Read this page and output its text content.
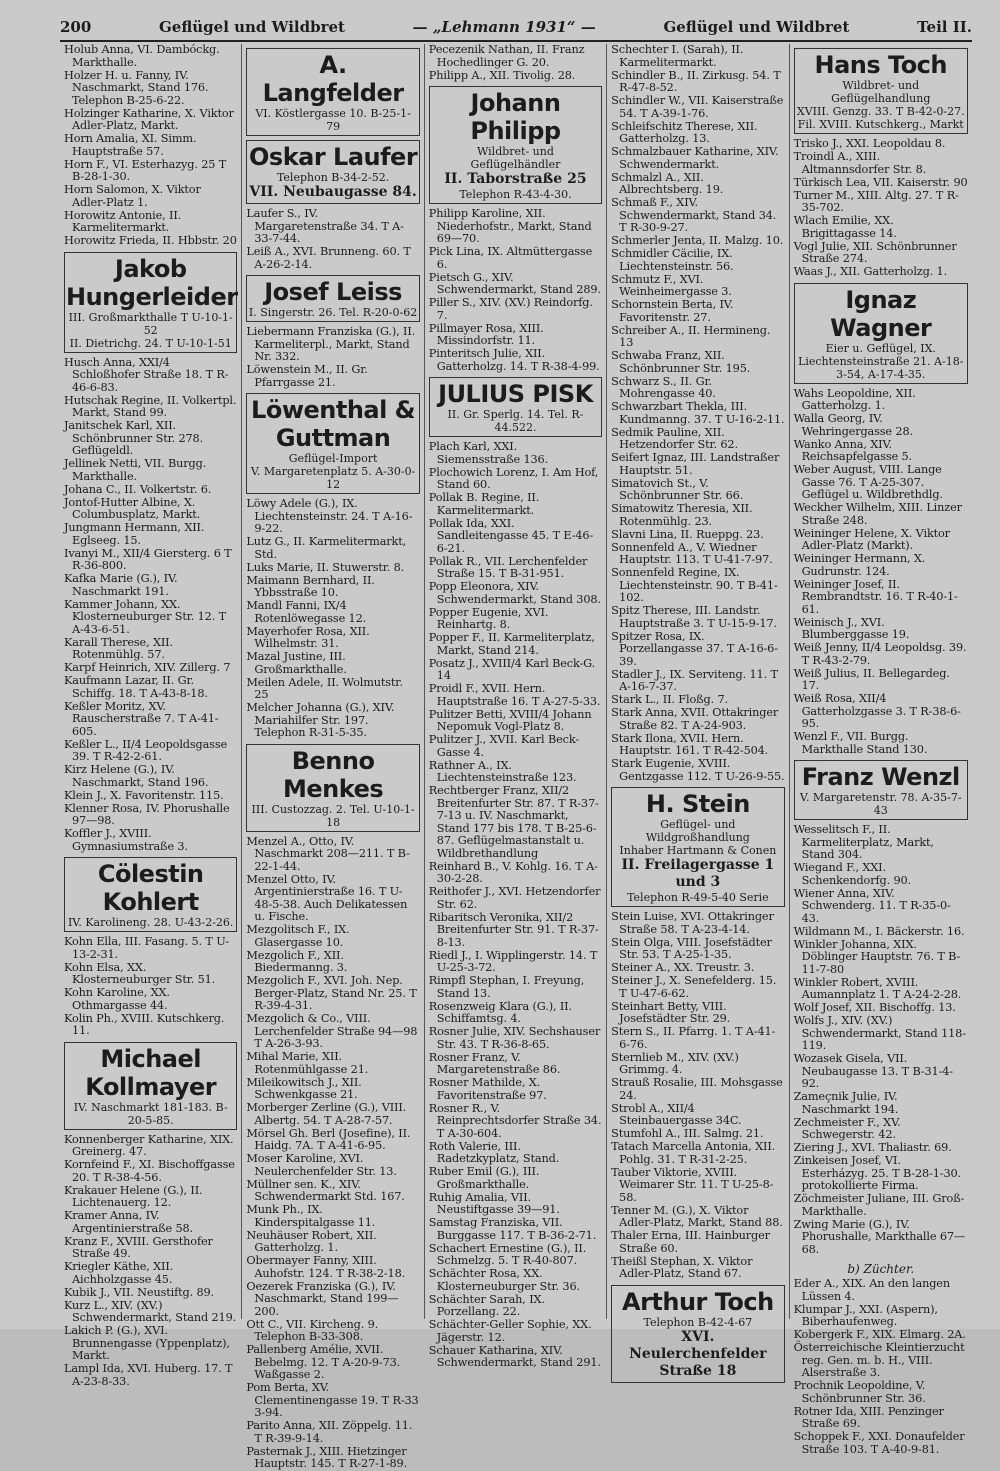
200	Geflügel und Wildbret	— „Lehmann 1931“ —	Geflügel und Wildbret	Teil II.
Holub Anna, VI. Dambóckg. Markthalle.
Holzer H. u. Fanny, IV. Naschmarkt, Stand 176. Telephon B-25-6-22.
Holzinger Katharine, X. Viktor Adler-Platz, Markt.
Horn Amalia, XI. Simm. Hauptstraße 57.
Horn F., VI. Esterhazyg. 25 T B-28-1-30.
Horn Salomon, X. Viktor Adler-Platz 1.
Horowitz Antonie, II. Karmelitermarkt.
Horowitz Frieda, II. Hbbstr. 20
Jakob Hungerleider
III. Großmarkthalle T U-10-1-52
II. Dietrichg. 24. T U-10-1-51
Husch Anna, XXI/4 Schloßhofer Straße 18. T R-46-6-83.
Hutschak Regine, II. Volkertpl. Markt, Stand 99.
Janitschek Karl, XII. Schönbrunner Str. 278. Geflügeldl.
Jellinek Netti, VII. Burgg. Markthalle.
Johana C., II. Volkertstr. 6.
Jontof-Hutter Albine, X. Columbusplatz, Markt.
Jungmann Hermann, XII. Eglseeg. 15.
Ivanyi M., XII/4 Giersterg. 6 T R-36-800.
Kafka Marie (G.), IV. Naschmarkt 191.
Kammer Johann, XX. Klosterneuburger Str. 12. T A-43-6-51.
Karall Therese, XII. Rotenmühlg. 57.
Karpf Heinrich, XIV. Zillerg. 7
Kaufmann Lazar, II. Gr. Schiffg. 18. T A-43-8-18.
Keßler Moritz, XV. Rauscherstraße 7. T A-41-605.
Keßler L., II/4 Leopoldsgasse 39. T R-42-2-61.
Kirz Helene (G.), IV. Naschmarkt, Stand 196.
Klein J., X. Favoritenstr. 115.
Klenner Rosa, IV. Phorushalle 97—98.
Koffler J., XVIII. Gymnasiumstraße 3.
Cölestin Kohlert
IV. Karolineng. 28. U-43-2-26.
Kohn Ella, III. Fasang. 5. T U-13-2-31.
Kohn Elsa, XX. Klosterneuburger Str. 51.
Kohn Karoline, XX. Othmargasse 44.
Kolin Ph., XVIII. Kutschkerg. 11.
Michael Kollmayer
IV. Naschmarkt 181-183. B-20-5-85.
Konnenberger Katharine, XIX. Greinerg. 47.
Kornfeind F., XI. Bischoffgasse 20. T R-38-4-56.
Krakauer Helene (G.), II. Lichtenauerg. 12.
Kramer Anna, IV. Argentinierstraße 58.
Kranz F., XVIII. Gersthofer Straße 49.
Kriegler Käthe, XII. Aichholzgasse 45.
Kubik J., VII. Neustiftg. 89.
Kurz L., XIV. (XV.) Schwendermarkt, Stand 219.
Lakich P. (G.), XVI. Brunnengasse (Yppenplatz), Markt.
Lampl Ida, XVI. Huberg. 17. T A-23-8-33.
A. Langfelder
VI. Köstlergasse 10. B-25-1-79
Oskar Laufer
Telephon B-34-2-52.
VII. Neubaugasse 84.
Laufer S., IV. Margaretenstraße 34. T A-33-7-44.
Leiß A., XVI. Brunneng. 60. T A-26-2-14.
Josef Leiss
I. Singerstr. 26. Tel. R-20-0-62
Liebermann Franziska (G.), II. Karmeliterpl., Markt, Stand Nr. 332.
Löwenstein M., II. Gr. Pfarrgasse 21.
Löwenthal & Guttman
Geflügel-Import
V. Margaretenplatz 5. A-30-0-12
Löwy Adele (G.), IX. Liechtensteinstr. 24. T A-16-9-22.
Lutz G., II. Karmelitermarkt, Std.
Luks Marie, II. Stuwerstr. 8.
Maimann Bernhard, II. Ybbsstraße 10.
Mandl Fanni, IX/4 Rotenlöwegasse 12.
Mayerhofer Rosa, XII. Wilhelmstr. 31.
Mazal Justine, III. Großmarkthalle.
Meilen Adele, II. Wolmutstr. 25
Melcher Johanna (G.), XIV. Mariahilfer Str. 197. Telephon R-31-5-35.
Benno Menkes
III. Custozzag. 2. Tel. U-10-1-18
Menzel A., Otto, IV. Naschmarkt 208—211. T B-22-1-44.
Menzel Otto, IV. Argentinierstraße 16. T U-48-5-38. Auch Delikatessen u. Fische.
Mezgolitsch F., IX. Glasergasse 10.
Mezgolich F., XII. Biedermanng. 3.
Mezgolich F., XVI. Joh. Nep. Berger-Platz, Stand Nr. 25. T R-39-4-31.
Mezgolich & Co., VIII. Lerchenfelder Straße 94—98 T A-26-3-93.
Mihal Marie, XII. Rotenmühlgasse 21.
Mileikowitsch J., XII. Schwenkgasse 21.
Morberger Zerline (G.), VIII. Albertg. 54. T A-28-7-57.
Mörsel Gh. Berl (Josefine), II. Haidg. 7A. T A-41-6-95.
Moser Karoline, XVI. Neulerchenfelder Str. 13.
Müllner sen. K., XIV. Schwendermarkt Std. 167.
Munk Ph., IX. Kinderspitalgasse 11.
Neuhäuser Robert, XII. Gatterholzg. 1.
Obermayer Fanny, XIII. Auhofstr. 124. T R-38-2-18.
Oezerek Franziska (G.), IV. Naschmarkt, Stand 199—200.
Ott C., VII. Kircheng. 9. Telephon B-33-308.
Pallenberg Amélie, XVII. Bebelmg. 12. T A-20-9-73. Waßgasse 2.
Pom Berta, XV. Clementinengasse 19. T R-33 3-94.
Parito Anna, XII. Zöppelg. 11. T R-39-9-14.
Pasternak J., XIII. Hietzinger Hauptstr. 145. T R-27-1-89.
Pecezenik Nathan, II. Franz Hochedlinger G. 20.
Philipp A., XII. Tivolig. 28.
Johann Philipp
Wildbret- und Geflügelhändler
II. Taborstraße 25
Telephon R-43-4-30.
Philipp Karoline, XII. Niederhofstr., Markt, Stand 69—70.
Pick Lina, IX. Altmüttergasse 6.
Pietsch G., XIV. Schwendermarkt, Stand 289.
Piller S., XIV. (XV.) Reindorfg. 7.
Pillmayer Rosa, XIII. Missindorfstr. 11.
Pinteritsch Julie, XII. Gatterholzg. 14. T R-38-4-99.
JULIUS PISK
II. Gr. Sperlg. 14. Tel. R-44.522.
Plach Karl, XXI. Siemensstraße 136.
Plochowich Lorenz, I. Am Hof, Stand 60.
Pollak B. Regine, II. Karmelitermarkt.
Pollak Ida, XXI. Sandleitengasse 45. T E-46-6-21.
Pollak R., VII. Lerchenfelder Straße 15. T B-31-951.
Popp Eleonora, XIV. Schwendermarkt, Stand 308.
Popper Eugenie, XVI. Reinhartg. 8.
Popper F., II. Karmeliterplatz, Markt, Stand 214.
Posatz J., XVIII/4 Karl Beck-G. 14
Proidl F., XVII. Hern. Hauptstraße 16. T A-27-5-33.
Pulitzer Betti, XVIII/4 Johann Nepomuk Vogl-Platz 8.
Pulitzer J., XVII. Karl Beck-Gasse 4.
Rathner A., IX. Liechtensteinstraße 123.
Rechtberger Franz, XII/2 Breitenfurter Str. 87. T R-37-7-13 u. IV. Naschmarkt, Stand 177 bis 178. T B-25-6-87. Geflügelmastanstalt u. Wildbrethandlung
Reinhard B., V. Kohlg. 16. T A-30-2-28.
Reithofer J., XVI. Hetzendorfer Str. 62.
Ribaritsch Veronika, XII/2 Breitenfurter Str. 91. T R-37-8-13.
Riedl J., I. Wipplingerstr. 14. T U-25-3-72.
Rimpfl Stephan, I. Freyung, Stand 13.
Rosenzweig Klara (G.), II. Schiffamtsg. 4.
Rosner Julie, XIV. Sechshauser Str. 43. T R-36-8-65.
Rosner Franz, V. Margaretenstraße 86.
Rosner Mathilde, X. Favoritenstraße 97.
Rosner R., V. Reinprechtsdorfer Straße 34. T A-30-604.
Roth Valerie, III. Radetzkyplatz, Stand.
Ruber Emil (G.), III. Großmarkthalle.
Ruhig Amalia, VII. Neustiftgasse 39—91.
Samstag Franziska, VII. Burggasse 117. T B-36-2-71.
Schachert Ernestine (G.), II. Schmelzg. 5. T R-40-807.
Schächter Rosa, XX. Klosterneuburger Str. 36.
Schächter Sarah, IX. Porzellang. 22.
Schächter-Geller Sophie, XX. Jägerstr. 12.
Schauer Katharina, XIV. Schwendermarkt, Stand 291.
Schechter I. (Sarah), II. Karmelitermarkt.
Schindler B., II. Zirkusg. 54. T R-47-8-52.
Schindler W., VII. Kaiserstraße 54. T A-39-1-76.
Schleifschitz Therese, XII. Gatterholzg. 13.
Schmalzbauer Katharine, XIV. Schwendermarkt.
Schmalzl A., XII. Albrechtsberg. 19.
Schmaß F., XIV. Schwendermarkt, Stand 34. T R-30-9-27.
Schmerler Jenta, II. Malzg. 10.
Schmidler Cäcilie, IX. Liechtensteinstr. 56.
Schmutz F., XVI. Weinheimergasse 3.
Schornstein Berta, IV. Favoritenstr. 27.
Schreiber A., II. Hermineng. 13
Schwaba Franz, XII. Schönbrunner Str. 195.
Schwarz S., II. Gr. Mohrengasse 40.
Schwarzbart Thekla, III. Kundmanng. 37. T U-16-2-11.
Sedmik Pauline, XII. Hetzendorfer Str. 62.
Seifert Ignaz, III. Landstraßer Hauptstr. 51.
Simatovich St., V. Schönbrunner Str. 66.
Simatowitz Theresia, XII. Rotenmühlg. 23.
Slavni Lina, II. Rueppg. 23.
Sonnenfeld A., V. Wiedner Hauptstr. 113. T U-41-7-97.
Sonnenfeld Regine, IX. Liechtensteinstr. 90. T B-41-102.
Spitz Therese, III. Landstr. Hauptstraße 3. T U-15-9-17.
Spitzer Rosa, IX. Porzellangasse 37. T A-16-6-39.
Stadler J., IX. Serviteng. 11. T A-16-7-37.
Stark L., II. Floßg. 7.
Stark Anna, XVII. Ottakringer Straße 82. T A-24-903.
Stark Ilona, XVII. Hern. Hauptstr. 161. T R-42-504.
Stark Eugenie, XVIII. Gentzgasse 112. T U-26-9-55.
H. Stein
Geflügel- und Wildgroßhandlung
Inhaber Hartmann & Conen
II. Freilagergasse 1 und 3
Telephon R-49-5-40 Serie
Stein Luise, XVI. Ottakringer Straße 58. T A-23-4-14.
Stein Olga, VIII. Josefstädter Str. 53. T A-25-1-35.
Steiner A., XX. Treustr. 3.
Steiner J., X. Senefelderg. 15. T U-47-6-62.
Steinhart Betty, VIII. Josefstädter Str. 29.
Stern S., II. Pfarrg. 1. T A-41-6-76.
Sternlieb M., XIV. (XV.) Grimmg. 4.
Strauß Rosalie, III. Mohsgasse 24.
Strobl A., XII/4 Steinbauergasse 34C.
Stumfohl A., III. Salmg. 21.
Tatach Marcella Antonia, XII. Pohlg. 31. T R-31-2-25.
Tauber Viktorie, XVIII. Weimarer Str. 11. T U-25-8-58.
Tenner M. (G.), X. Viktor Adler-Platz, Markt, Stand 88.
Thaler Erna, III. Hainburger Straße 60.
Theißl Stephan, X. Viktor Adler-Platz, Stand 67.
Arthur Toch
Telephon B-42-4-67
XVI. Neulerchenfelder Straße 18
Hans Toch
Wildbret- und Geflügelhandlung
XVIII. Genzg. 33. T B-42-0-27.
Fil. XVIII. Kutschkerg., Markt
Trisko J., XXI. Leopoldau 8.
Troindl A., XIII. Altmannsdorfer Str. 8.
Türkisch Lea, VII. Kaiserstr. 90
Turner M., XIII. Altg. 27. T R-35-702.
Wlach Emilie, XX. Brigittagasse 14.
Vogl Julie, XII. Schönbrunner Straße 274.
Waas J., XII. Gatterholzg. 1.
Ignaz Wagner
Eier u. Geflügel, IX. Liechtensteinstraße 21. A-18-3-54, A-17-4-35.
Wahs Leopoldine, XII. Gatterholzg. 1.
Walla Georg, IV. Wehringergasse 28.
Wanko Anna, XIV. Reichsapfelgasse 5.
Weber August, VIII. Lange Gasse 76. T A-25-307. Geflügel u. Wildbrethdlg.
Weckher Wilhelm, XIII. Linzer Straße 248.
Weininger Helene, X. Viktor Adler-Platz (Markt).
Weininger Hermann, X. Gudrunstr. 124.
Weininger Josef, II. Rembrandtstr. 16. T R-40-1-61.
Weinisch J., XVI. Blumberggasse 19.
Weiß Jenny, II/4 Leopoldsg. 39. T R-43-2-79.
Weiß Julius, II. Bellegardeg. 17.
Weiß Rosa, XII/4 Gatterholzgasse 3. T R-38-6-95.
Wenzl F., VII. Burgg. Markthalle Stand 130.
Franz Wenzl
V. Margaretenstr. 78. A-35-7-43
Wesselitsch F., II. Karmeliterplatz, Markt, Stand 304.
Wiegand F., XXI. Schenkendorfg. 90.
Wiener Anna, XIV. Schwenderg. 11. T R-35-0-43.
Wildmann M., I. Bäckerstr. 16.
Winkler Johanna, XIX. Döblinger Hauptstr. 76. T B-11-7-80
Winkler Robert, XVIII. Aumannplatz 1. T A-24-2-28.
Wolf Josef, XII. Bischoffg. 13.
Wolfs J., XIV. (XV.) Schwendermarkt, Stand 118-119.
Wozasek Gisela, VII. Neubaugasse 13. T B-31-4-92.
Zameçnik Julie, IV. Naschmarkt 194.
Zechmeister F., XV. Schwegerstr. 42.
Ziering J., XVI. Thaliastr. 69.
Zinkeisen Josef, VI. Esterházyg. 25. T B-28-1-30. protokollierte Firma.
Zöchmeister Juliane, III. Groß-Markthalle.
Zwing Marie (G.), IV. Phorushalle, Markthalle 67—68.
b) Züchter.
Eder A., XIX. An den langen Lüssen 4.
Klumpar J., XXI. (Aspern), Biberhaufenweg.
Kobergerk F., XIX. Elmarg. 2A.
Österreichische Kleintierzucht reg. Gen. m. b. H., VIII. Alserstraße 3.
Prochnik Leopoldine, V. Schönbrunner Str. 36.
Rotner Ida, XIII. Penzinger Straße 69.
Schoppek F., XXI. Donaufelder Straße 103. T A-40-9-81.
